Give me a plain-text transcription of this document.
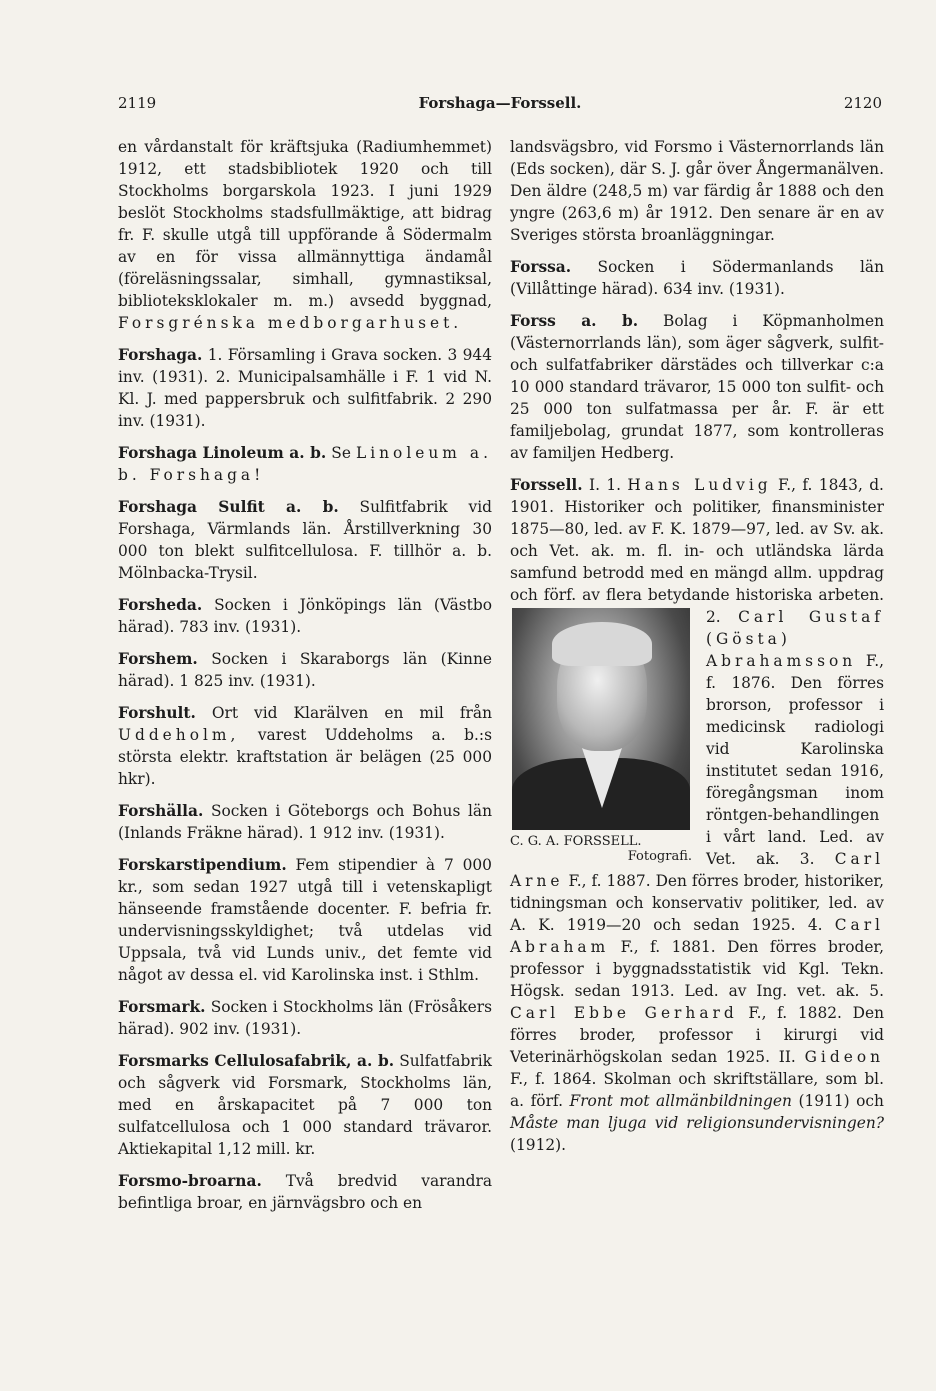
2119	Forshaga—Forssell.	2120

en vårdanstalt för kräftsjuka (Radiumhemmet) 1912, ett stadsbibliotek 1920 och till Stockholms borgarskola 1923. I juni 1929 beslöt Stockholms stadsfullmäktige, att bidrag fr. F. skulle utgå till uppförande å Södermalm av en för vissa allmännyttiga ändamål (föreläsningssalar, simhall, gymnastiksal, biblioteksklokaler m. m.) avsedd byggnad, Forsgrénska medborgarhuset.

Forshaga. 1. Församling i Grava socken. 3 944 inv. (1931). 2. Municipalsamhälle i F. 1 vid N. Kl. J. med pappersbruk och sulfitfabrik. 2 290 inv. (1931).

Forshaga Linoleum a. b. Se Linoleum a. b. Forshaga!

Forshaga Sulfit a. b. Sulfitfabrik vid Forshaga, Värmlands län. Årstillverkning 30 000 ton blekt sulfitcellulosa. F. tillhör a. b. Mölnbacka-Trysil.

Forsheda. Socken i Jönköpings län (Västbo härad). 783 inv. (1931).

Forshem. Socken i Skaraborgs län (Kinne härad). 1 825 inv. (1931).

Forshult. Ort vid Klarälven en mil från Uddeholm, varest Uddeholms a. b.:s största elektr. kraftstation är belägen (25 000 hkr).

Forshälla. Socken i Göteborgs och Bohus län (Inlands Fräkne härad). 1 912 inv. (1931).

Forskarstipendium. Fem stipendier à 7 000 kr., som sedan 1927 utgå till i vetenskapligt hänseende framstående docenter. F. befria fr. undervisningsskyldighet; två utdelas vid Uppsala, två vid Lunds univ., det femte vid något av dessa el. vid Karolinska inst. i Sthlm.

Forsmark. Socken i Stockholms län (Frösåkers härad). 902 inv. (1931).

Forsmarks Cellulosafabrik, a. b. Sulfatfabrik och sågverk vid Forsmark, Stockholms län, med en årskapacitet på 7 000 ton sulfatcellulosa och 1 000 standard trävaror. Aktiekapital 1,12 mill. kr.

Forsmo-broarna. Två bredvid varandra befintliga broar, en järnvägsbro och en

landsvägsbro, vid Forsmo i Västernorrlands län (Eds socken), där S. J. går över Ångermanälven. Den äldre (248,5 m) var färdig år 1888 och den yngre (263,6 m) år 1912. Den senare är en av Sveriges största broanläggningar.

Forssa. Socken i Södermanlands län (Villåttinge härad). 634 inv. (1931).

Forss a. b. Bolag i Köpmanholmen (Västernorrlands län), som äger sågverk, sulfit- och sulfatfabriker därstädes och tillverkar c:a 10 000 standard trävaror, 15 000 ton sulfit- och 25 000 ton sulfatmassa per år. F. är ett familjebolag, grundat 1877, som kontrolleras av familjen Hedberg.

Forssell. I. 1. Hans Ludvig F., f. 1843, d. 1901. Historiker och politiker, finansminister 1875—80, led. av F. K. 1879—97, led. av Sv. ak. och Vet. ak. m. fl. in- och utländska lärda samfund betrodd med en mängd allm. uppdrag och förf. av flera betydande historiska arbeten. 2.
C. G. A. FORSSELL.
Fotografi.
Carl Gustaf (Gösta) Abrahamsson F., f. 1876. Den förres brorson, professor i medicinsk radiologi vid Karolinska institutet sedan 1916, föregångsman inom röntgen-behandlingen i vårt land. Led. av Vet. ak. 3. Carl Arne F., f. 1887. Den förres broder, historiker, tidningsman och konservativ politiker, led. av A. K. 1919—20 och sedan 1925. 4. Carl Abraham F., f. 1881. Den förres broder, professor i byggnadsstatistik vid Kgl. Tekn. Högsk. sedan 1913. Led. av Ing. vet. ak. 5. Carl Ebbe Gerhard F., f. 1882. Den förres broder, professor i kirurgi vid Veterinärhögskolan sedan 1925. II. Gideon F., f. 1864. Skolman och skriftställare, som bl. a. förf. Front mot allmänbildningen (1911) och Måste man ljuga vid religionsundervisningen? (1912).
